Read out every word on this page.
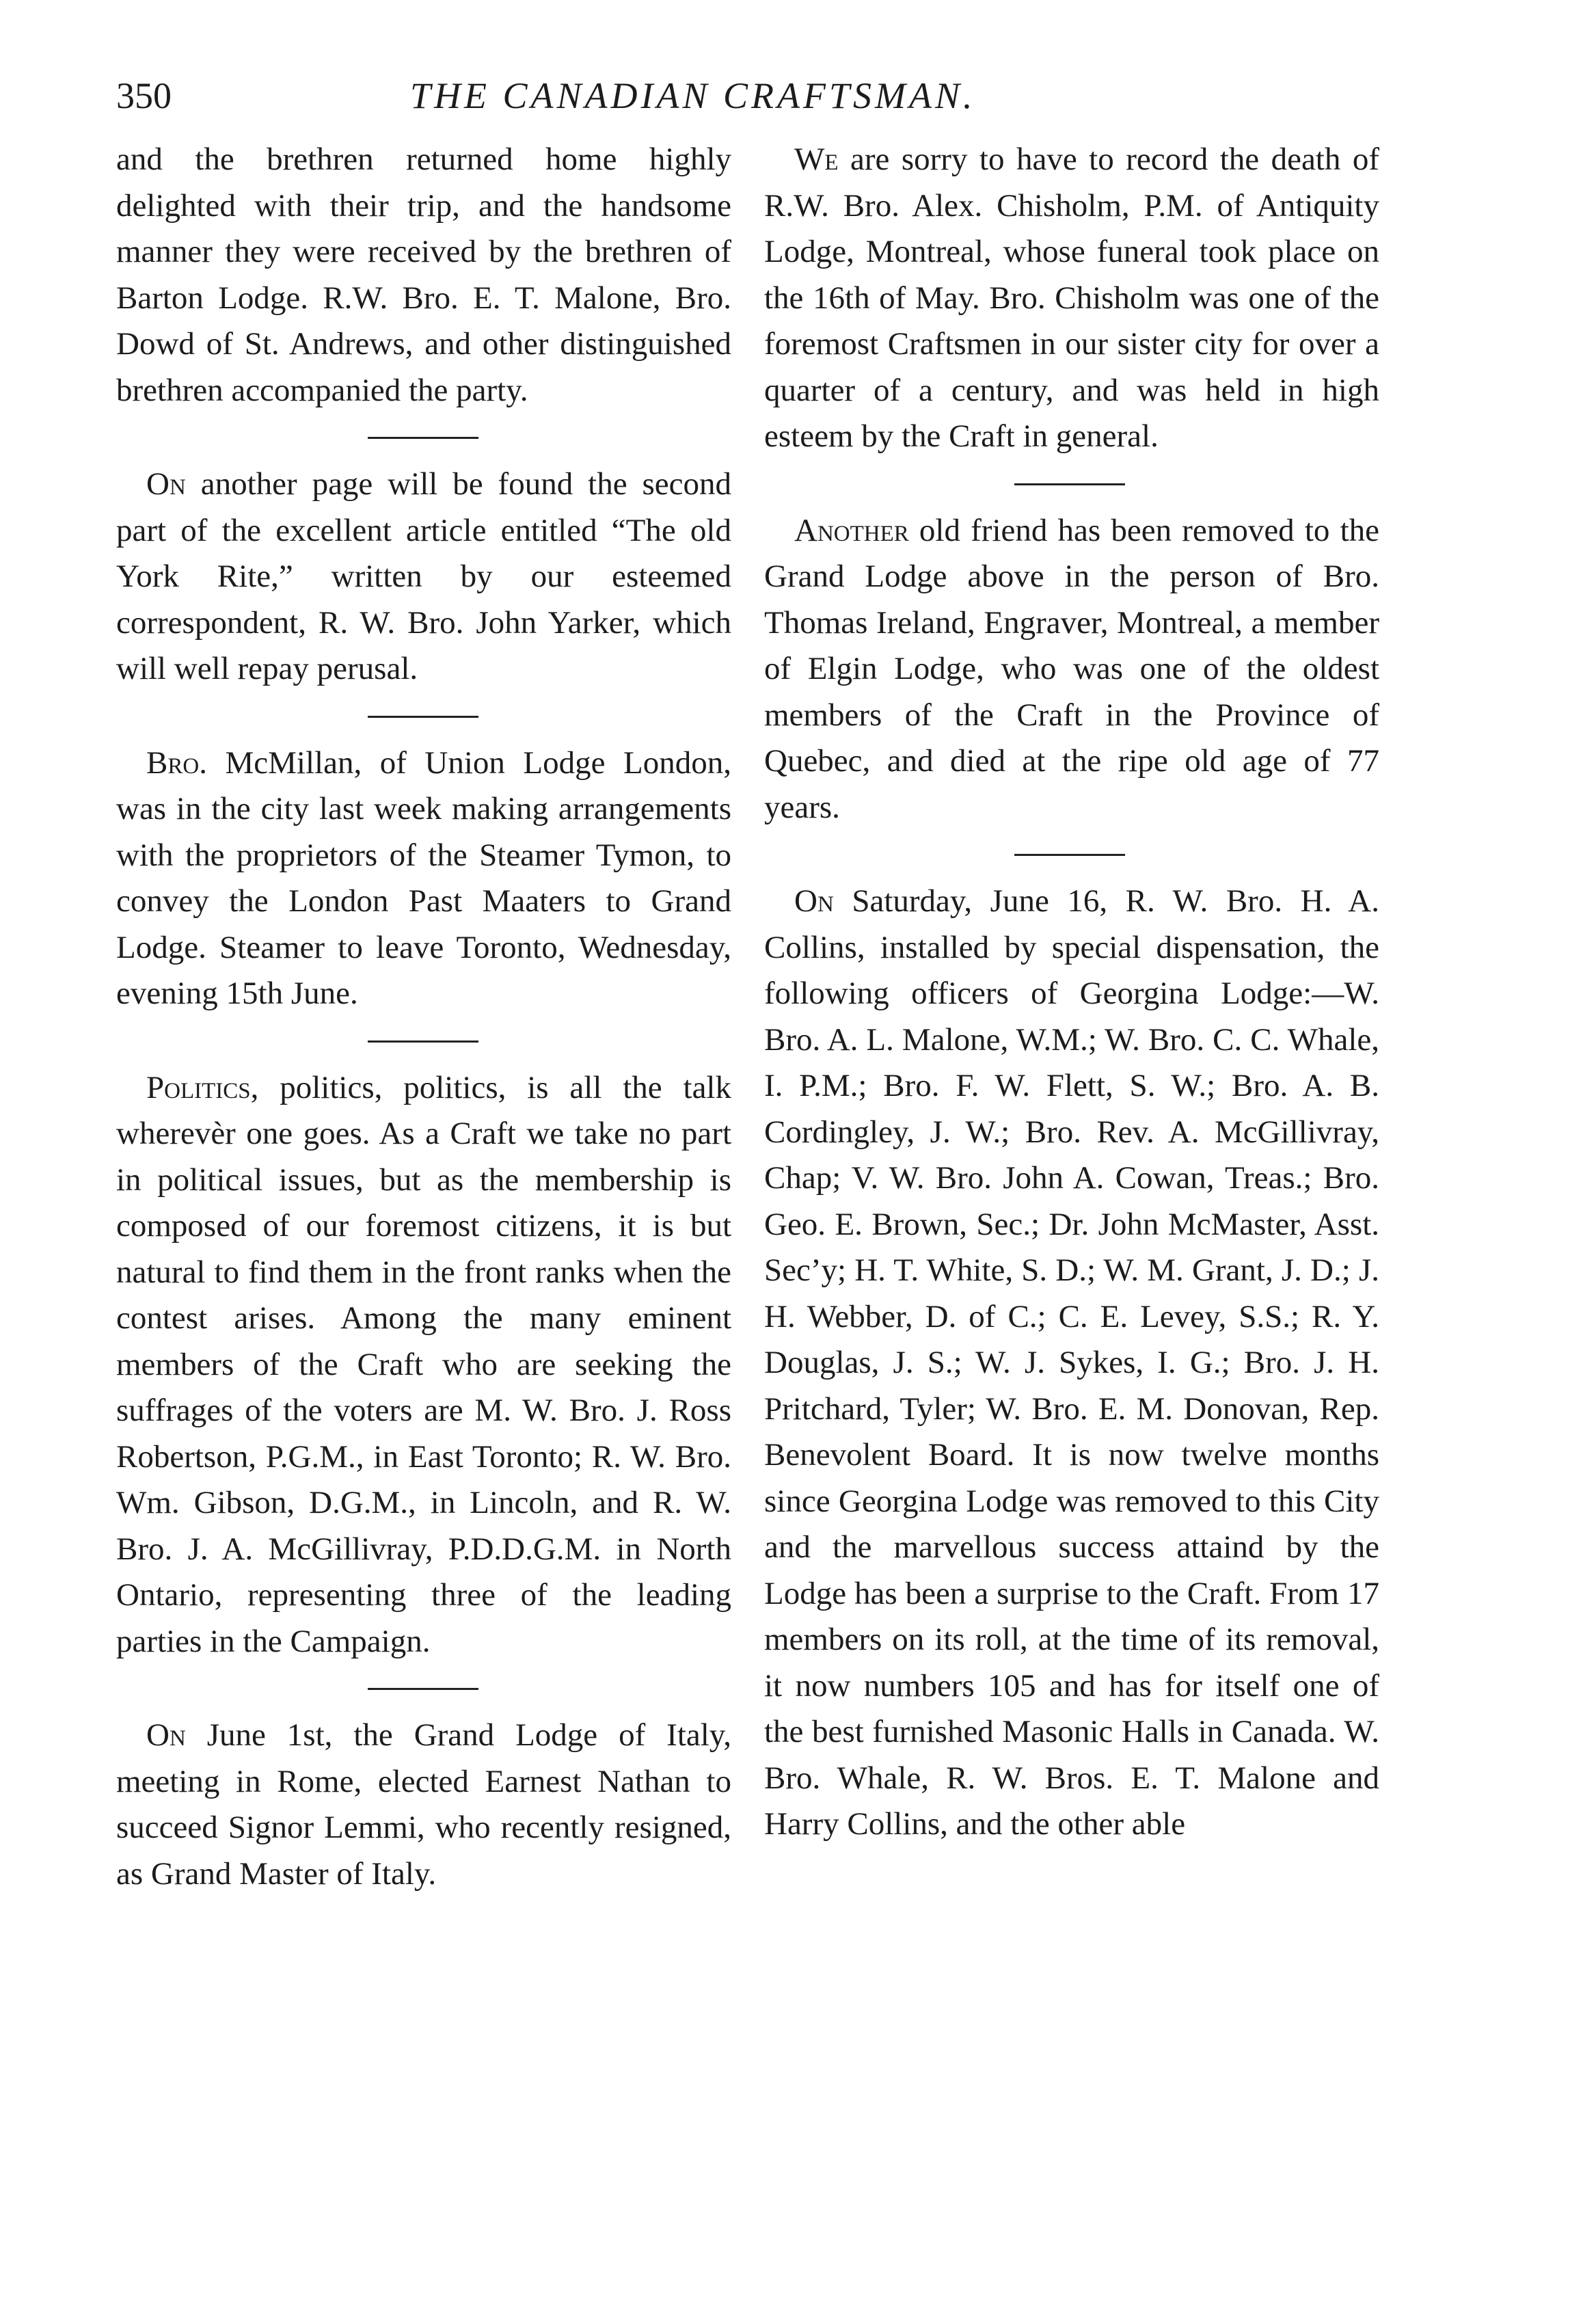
350	THE CANADIAN CRAFTSMAN.

and the brethren returned home highly delighted with their trip, and the handsome manner they were received by the brethren of Barton Lodge. R.W. Bro. E. T. Malone, Bro. Dowd of St. Andrews, and other distinguished brethren accompanied the party.

On another page will be found the second part of the excellent article entitled “The old York Rite,” written by our esteemed correspondent, R. W. Bro. John Yarker, which will well repay perusal.

Bro. McMillan, of Union Lodge London, was in the city last week making arrangements with the proprietors of the Steamer Tymon, to convey the London Past Maaters to Grand Lodge. Steamer to leave Toronto, Wednesday, evening 15th June.

Politics, politics, politics, is all the talk wherevèr one goes. As a Craft we take no part in political issues, but as the membership is composed of our foremost citizens, it is but natural to find them in the front ranks when the contest arises. Among the many eminent members of the Craft who are seeking the suffrages of the voters are M. W. Bro. J. Ross Robertson, P.G.M., in East Toronto; R. W. Bro. Wm. Gibson, D.G.M., in Lincoln, and R. W. Bro. J. A. McGillivray, P.D.D.G.M. in North Ontario, representing three of the leading parties in the Campaign.

On June 1st, the Grand Lodge of Italy, meeting in Rome, elected Earnest Nathan to succeed Signor Lemmi, who recently resigned, as Grand Master of Italy.

We are sorry to have to record the death of R.W. Bro. Alex. Chisholm, P.M. of Antiquity Lodge, Montreal, whose funeral took place on the 16th of May. Bro. Chisholm was one of the foremost Craftsmen in our sister city for over a quarter of a century, and was held in high esteem by the Craft in general.

Another old friend has been removed to the Grand Lodge above in the person of Bro. Thomas Ireland, Engraver, Montreal, a member of Elgin Lodge, who was one of the oldest members of the Craft in the Province of Quebec, and died at the ripe old age of 77 years.

On Saturday, June 16, R. W. Bro. H. A. Collins, installed by special dispensation, the following officers of Georgina Lodge:—W. Bro. A. L. Malone, W.M.; W. Bro. C. C. Whale, I. P.M.; Bro. F. W. Flett, S. W.; Bro. A. B. Cordingley, J. W.; Bro. Rev. A. McGillivray, Chap; V. W. Bro. John A. Cowan, Treas.; Bro. Geo. E. Brown, Sec.; Dr. John McMaster, Asst. Sec’y; H. T. White, S. D.; W. M. Grant, J. D.; J. H. Webber, D. of C.; C. E. Levey, S.S.; R. Y. Douglas, J. S.; W. J. Sykes, I. G.; Bro. J. H. Pritchard, Tyler; W. Bro. E. M. Donovan, Rep. Benevolent Board. It is now twelve months since Georgina Lodge was removed to this City and the marvellous success attaind by the Lodge has been a surprise to the Craft. From 17 members on its roll, at the time of its removal, it now numbers 105 and has for itself one of the best furnished Masonic Halls in Canada. W. Bro. Whale, R. W. Bros. E. T. Malone and Harry Collins, and the other able
